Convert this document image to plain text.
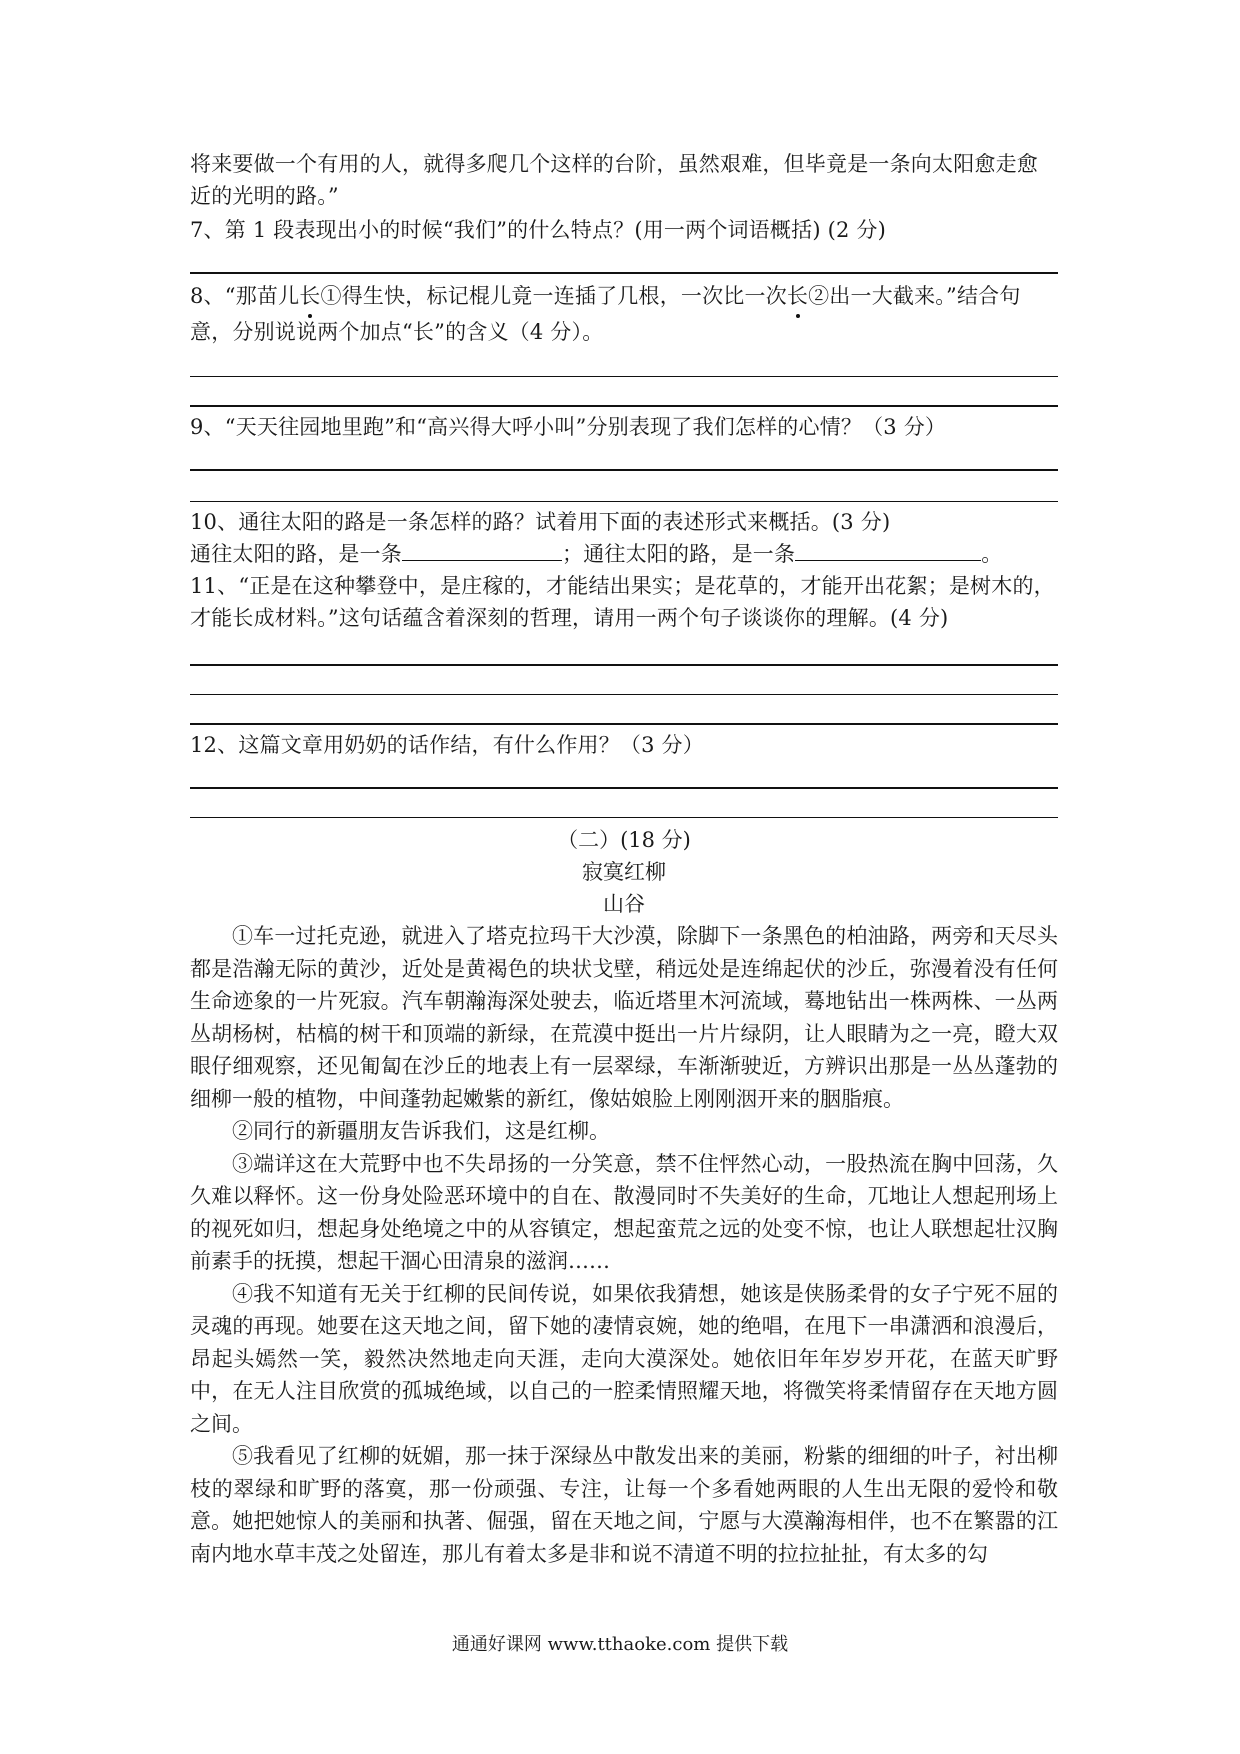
将来要做一个有用的人，就得多爬几个这样的台阶，虽然艰难，但毕竟是一条向太阳愈走愈
近的光明的路。”
7、第 1 段表现出小的时候“我们”的什么特点？(用一两个词语概括) (2 分)
8、“那苗儿长①得生快，标记棍儿竟一连插了几根，一次比一次长②出一大截来。”结合句
意，分别说说两个加点“长”的含义（4 分）。
9、“天天往园地里跑”和“高兴得大呼小叫”分别表现了我们怎样的心情？（3 分）
10、通往太阳的路是一条怎样的路？试着用下面的表述形式来概括。(3 分)
通往太阳的路，是一条	；通往太阳的路，是一条	。
11、“正是在这种攀登中，是庄稼的，才能结出果实；是花草的，才能开出花絮；是树木的，
才能长成材料。”这句话蕴含着深刻的哲理，请用一两个句子谈谈你的理解。(4 分)
12、这篇文章用奶奶的话作结，有什么作用？（3 分）
（二）(18 分)
寂寞红柳
山谷
①车一过托克逊，就进入了塔克拉玛干大沙漠，除脚下一条黑色的柏油路，两旁和天尽头都是浩瀚无际的黄沙，近处是黄褐色的块状戈壁，稍远处是连绵起伏的沙丘，弥漫着没有任何生命迹象的一片死寂。汽车朝瀚海深处驶去，临近塔里木河流域，蓦地钻出一株两株、一丛两丛胡杨树，枯槁的树干和顶端的新绿，在荒漠中挺出一片片绿阴，让人眼睛为之一亮，瞪大双眼仔细观察，还见匍匐在沙丘的地表上有一层翠绿，车渐渐驶近，方辨识出那是一丛丛蓬勃的细柳一般的植物，中间蓬勃起嫩紫的新红，像姑娘脸上刚刚洇开来的胭脂痕。
②同行的新疆朋友告诉我们，这是红柳。
③端详这在大荒野中也不失昂扬的一分笑意，禁不住怦然心动，一股热流在胸中回荡，久久难以释怀。这一份身处险恶环境中的自在、散漫同时不失美好的生命，兀地让人想起刑场上的视死如归，想起身处绝境之中的从容镇定，想起蛮荒之远的处变不惊，也让人联想起壮汉胸前素手的抚摸，想起干涸心田清泉的滋润……
④我不知道有无关于红柳的民间传说，如果依我猜想，她该是侠肠柔骨的女子宁死不屈的灵魂的再现。她要在这天地之间，留下她的凄情哀婉，她的绝唱，在甩下一串潇洒和浪漫后，昂起头嫣然一笑，毅然决然地走向天涯，走向大漠深处。她依旧年年岁岁开花，在蓝天旷野中，在无人注目欣赏的孤城绝域，以自己的一腔柔情照耀天地，将微笑将柔情留存在天地方圆之间。
⑤我看见了红柳的妩媚，那一抹于深绿丛中散发出来的美丽，粉紫的细细的叶子，衬出柳枝的翠绿和旷野的落寞，那一份顽强、专注，让每一个多看她两眼的人生出无限的爱怜和敬意。她把她惊人的美丽和执著、倔强，留在天地之间，宁愿与大漠瀚海相伴，也不在繁嚣的江南内地水草丰茂之处留连，那儿有着太多是非和说不清道不明的拉拉扯扯，有太多的勾
通通好课网 www.tthaoke.com 提供下载
